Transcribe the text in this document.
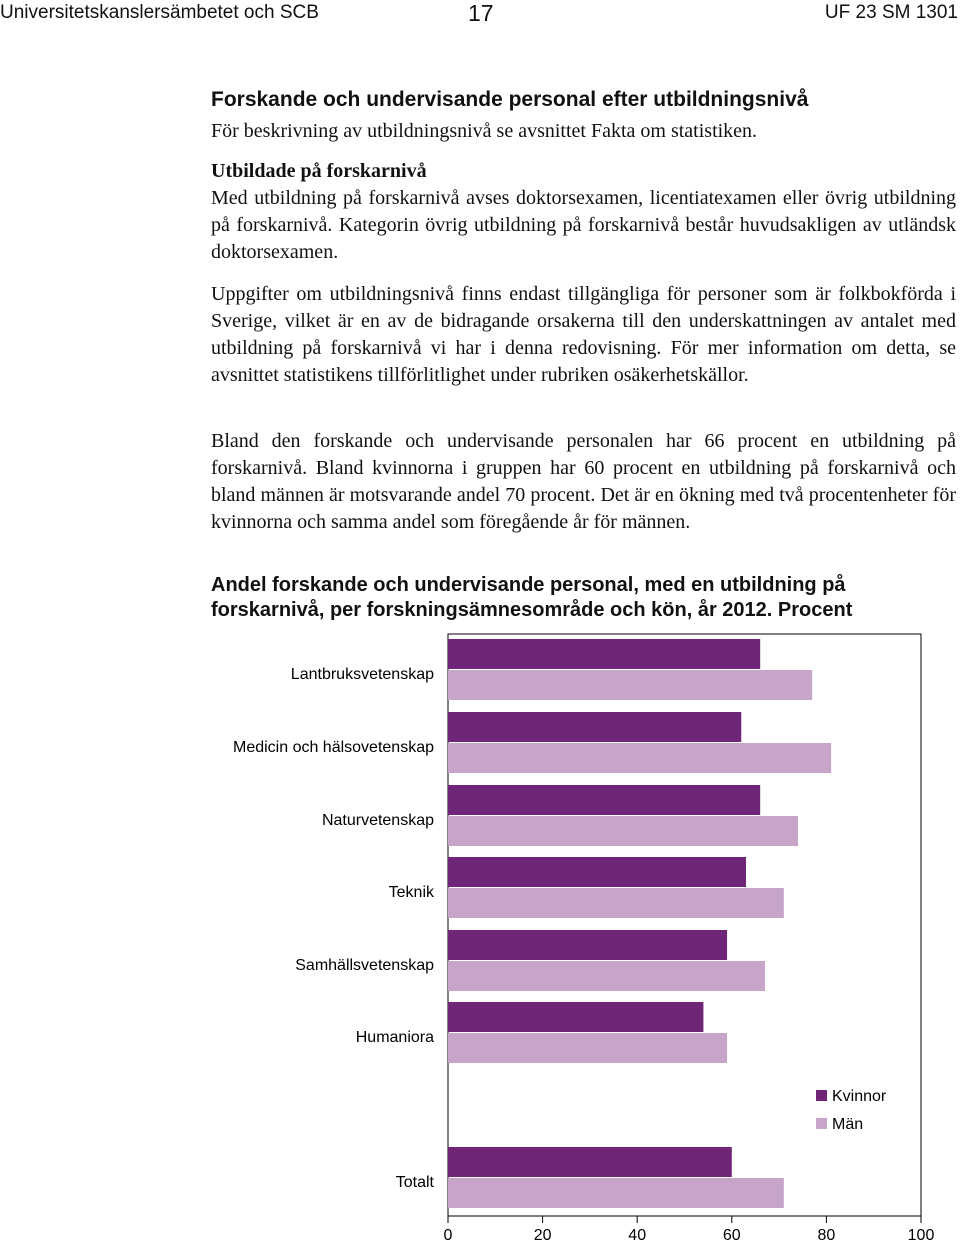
Universitetskanslersämbetet och SCB	17	UF 23 SM 1301
Forskande och undervisande personal efter utbildningsnivå
För beskrivning av utbildningsnivå se avsnittet Fakta om statistiken.
Utbildade på forskarnivå
Med utbildning på forskarnivå avses doktorsexamen, licentiatexamen eller övrig utbildning på forskarnivå. Kategorin övrig utbildning på forskarnivå består huvudsakligen av utländsk doktorsexamen.
Uppgifter om utbildningsnivå finns endast tillgängliga för personer som är folkbokförda i Sverige, vilket är en av de bidragande orsakerna till den underskattningen av antalet med utbildning på forskarnivå vi har i denna redovisning. För mer information om detta, se avsnittet statistikens tillförlitlighet under rubriken osäkerhetskällor.
Bland den forskande och undervisande personalen har 66 procent en utbildning på forskarnivå. Bland kvinnorna i gruppen har 60 procent en utbildning på forskarnivå och bland männen är motsvarande andel 70 procent. Det är en ökning med två procentenheter för kvinnorna och samma andel som föregående år för männen.
Andel forskande och undervisande personal, med en utbildning på forskarnivå, per forskningsämnesområde och kön, år 2012. Procent
Lantbruksvetenskap
Medicin och hälsovetenskap
Naturvetenskap
Teknik
Samhällsvetenskap
Humaniora
Totalt
0	20	40	60	80	100
Kvinnor
Män
